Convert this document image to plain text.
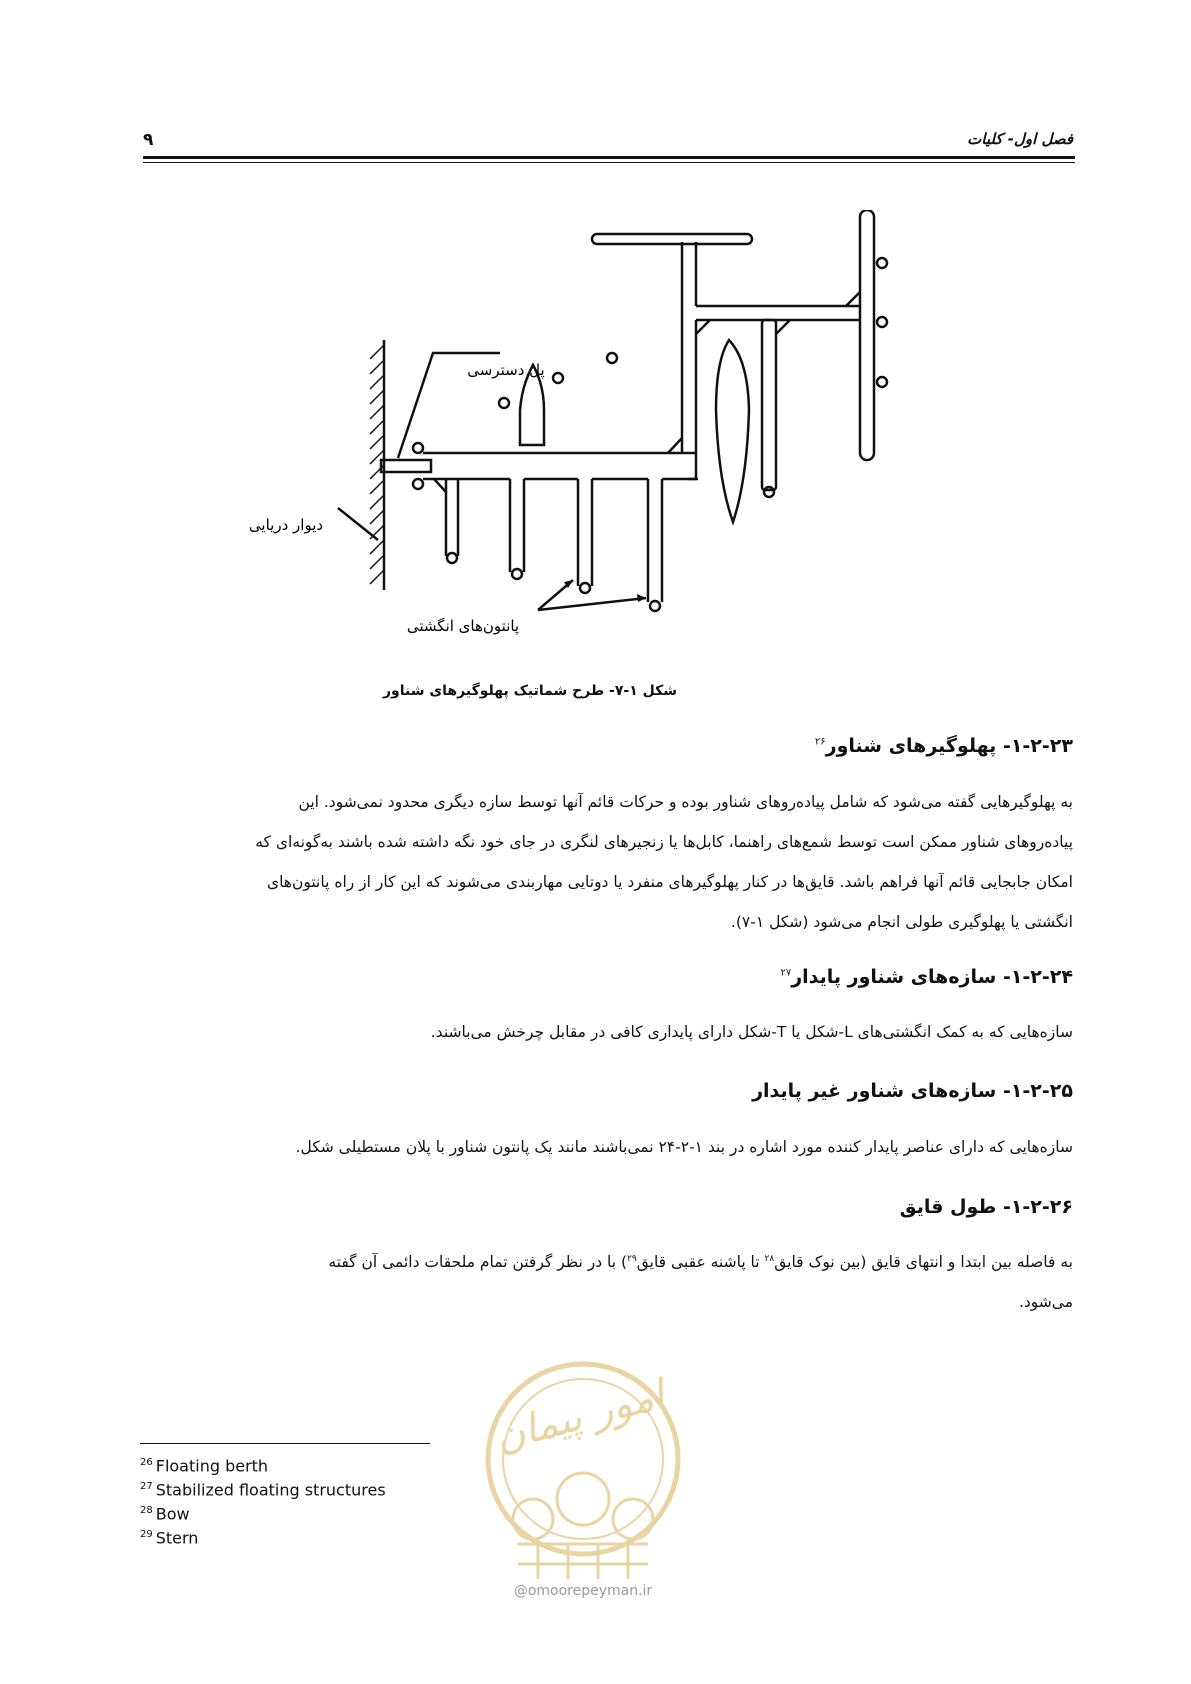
فصل اول- کلیات
۹
پل دسترسی
دیوار دریایی
پانتون‌های انگشتی
شکل ۱-۷- طرح شماتیک پهلوگیرهای شناور
۱-۲-۲۳- پهلوگیرهای شناور$^{۲۶}$
به پهلوگیرهایی گفته می‌شود که شامل پیاده‌روهای شناور بوده و حرکات قائم آنها توسط سازه دیگری محدود نمی‌شود. این
پیاده‌روهای شناور ممکن است توسط شمع‌های راهنما، کابل‌ها یا زنجیرهای لنگری در جای خود نگه داشته شده باشند به‌گونه‌ای که
امکان جابجایی قائم آنها فراهم باشد. قایق‌ها در کنار پهلوگیرهای منفرد یا دوتایی مهاربندی می‌شوند که این کار از راه پانتون‌های
انگشتی یا پهلوگیری طولی انجام می‌شود (شکل ۱-۷).
۱-۲-۲۴- سازه‌های شناور پایدار$^{۲۷}$
سازه‌هایی که به کمک انگشتی‌های L-شکل یا T-شکل دارای پایداری کافی در مقابل چرخش می‌باشند.
۱-۲-۲۵- سازه‌های شناور غیر پایدار
سازه‌هایی که دارای عناصر پایدار کننده مورد اشاره در بند ۱-۲-۲۴ نمی‌باشند مانند یک پانتون شناور با پلان مستطیلی شکل.
۱-۲-۲۶- طول قایق
به فاصله بین ابتدا و انتهای قایق (بین نوک قایق$^{۲۸}$ تا پاشنه عقبی قایق$^{۲۹}$) با در نظر گرفتن تمام ملحقات دائمی آن گفته
می‌شود.
امور پیمان
@omoorepeyman.ir
$^{26}$ Floating berth
$^{27}$ Stabilized floating structures
$^{28}$ Bow
$^{29}$ Stern
